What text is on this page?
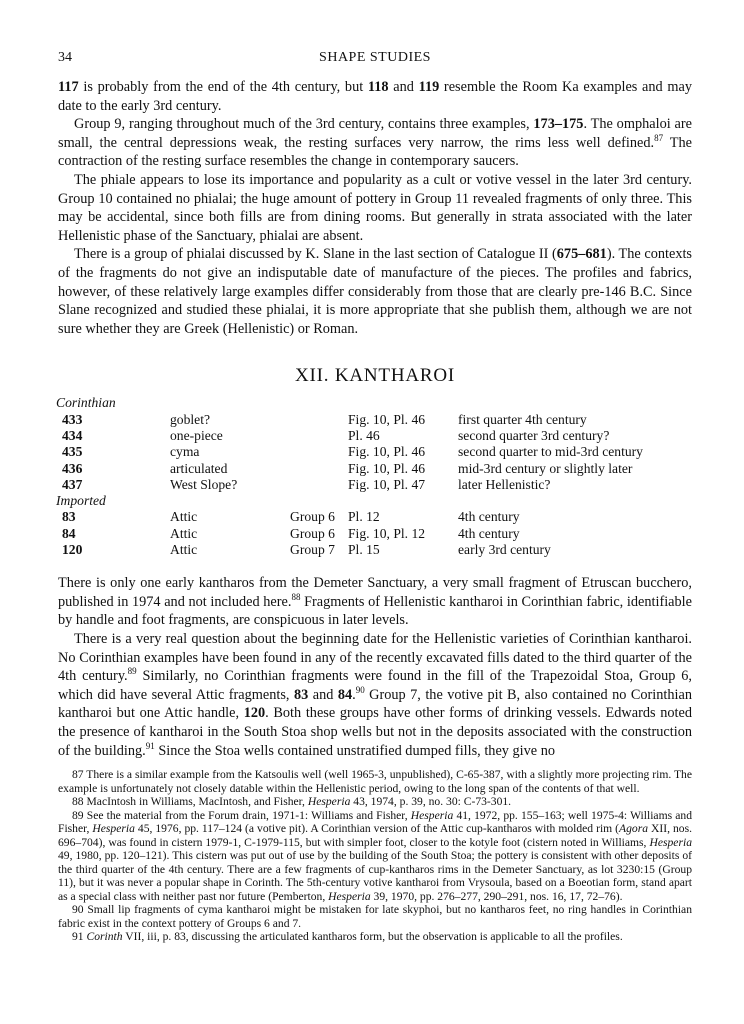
34	SHAPE STUDIES

117 is probably from the end of the 4th century, but 118 and 119 resemble the Room Ka examples and may date to the early 3rd century.

Group 9, ranging throughout much of the 3rd century, contains three examples, 173–175. The omphaloi are small, the central depressions weak, the resting surfaces very narrow, the rims less well defined.$^{87}$ The contraction of the resting surface resembles the change in contemporary saucers.

The phiale appears to lose its importance and popularity as a cult or votive vessel in the later 3rd century. Group 10 contained no phialai; the huge amount of pottery in Group 11 revealed fragments of only three. This may be accidental, since both fills are from dining rooms. But generally in strata associated with the later Hellenistic phase of the Sanctuary, phialai are absent.

There is a group of phialai discussed by K. Slane in the last section of Catalogue II (675–681). The contexts of the fragments do not give an indisputable date of manufacture of the pieces. The profiles and fabrics, however, of these relatively large examples differ considerably from those that are clearly pre-146 B.C. Since Slane recognized and studied these phialai, it is more appropriate that she publish them, although we are not sure whether they are Greek (Hellenistic) or Roman.

XII. KANTHAROI
Corinthian				
433	goblet?		Fig. 10, Pl. 46	first quarter 4th century
434	one-piece		Pl. 46	second quarter 3rd century?
435	cyma		Fig. 10, Pl. 46	second quarter to mid-3rd century
436	articulated		Fig. 10, Pl. 46	mid-3rd century or slightly later
437	West Slope?		Fig. 10, Pl. 47	later Hellenistic?
Imported				
83	Attic	Group 6	Pl. 12	4th century
84	Attic	Group 6	Fig. 10, Pl. 12	4th century
120	Attic	Group 7	Pl. 15	early 3rd century

There is only one early kantharos from the Demeter Sanctuary, a very small fragment of Etruscan bucchero, published in 1974 and not included here.$^{88}$ Fragments of Hellenistic kantharoi in Corinthian fabric, identifiable by handle and foot fragments, are conspicuous in later levels.

There is a very real question about the beginning date for the Hellenistic varieties of Corinthian kantharoi. No Corinthian examples have been found in any of the recently excavated fills dated to the third quarter of the 4th century.$^{89}$ Similarly, no Corinthian fragments were found in the fill of the Trapezoidal Stoa, Group 6, which did have several Attic fragments, 83 and 84.90 Group 7, the votive pit B, also contained no Corinthian kantharoi but one Attic handle, 120. Both these groups have other forms of drinking vessels. Edwards noted the presence of kantharoi in the South Stoa shop wells but not in the deposits associated with the construction of the building.$^{91}$ Since the Stoa wells contained unstratified dumped fills, they give no

87 There is a similar example from the Katsoulis well (well 1965-3, unpublished), C-65-387, with a slightly more projecting rim. The example is unfortunately not closely datable within the Hellenistic period, owing to the long span of the contents of that well.

88 MacIntosh in Williams, MacIntosh, and Fisher, Hesperia 43, 1974, p. 39, no. 30: C-73-301.

89 See the material from the Forum drain, 1971-1: Williams and Fisher, Hesperia 41, 1972, pp. 155–163; well 1975-4: Williams and Fisher, Hesperia 45, 1976, pp. 117–124 (a votive pit). A Corinthian version of the Attic cup-kantharos with molded rim (Agora XII, nos. 696–704), was found in cistern 1979-1, C-1979-115, but with simpler foot, closer to the kotyle foot (cistern noted in Williams, Hesperia 49, 1980, pp. 120–121). This cistern was put out of use by the building of the South Stoa; the pottery is consistent with other deposits of the third quarter of the 4th century. There are a few fragments of cup-kantharos rims in the Demeter Sanctuary, as lot 3230:15 (Group 11), but it was never a popular shape in Corinth. The 5th-century votive kantharoi from Vrysoula, based on a Boeotian form, stand apart as a special class with neither past nor future (Pemberton, Hesperia 39, 1970, pp. 276–277, 290–291, nos. 16, 17, 72–76).

90 Small lip fragments of cyma kantharoi might be mistaken for late skyphoi, but no kantharos feet, no ring handles in Corinthian fabric exist in the context pottery of Groups 6 and 7.

91 Corinth VII, iii, p. 83, discussing the articulated kantharos form, but the observation is applicable to all the profiles.
